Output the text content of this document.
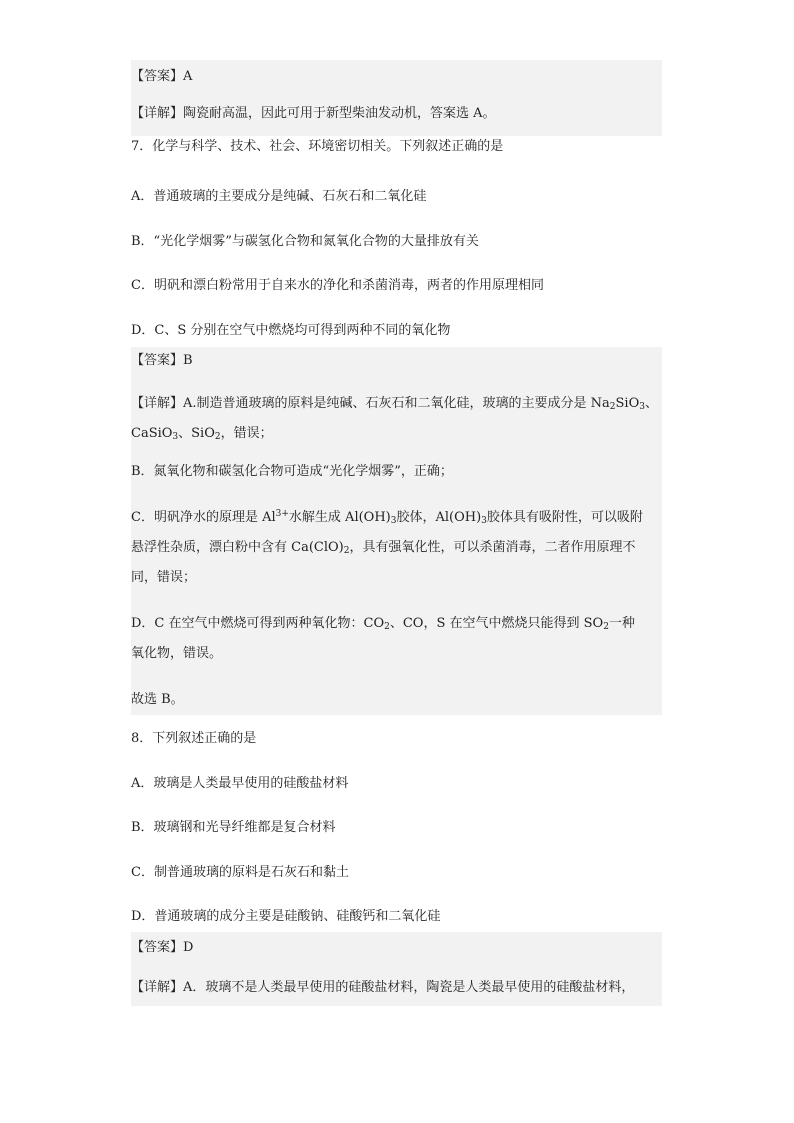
【答案】A
【详解】陶瓷耐高温，因此可用于新型柴油发动机，答案选 A。
7．化学与科学、技术、社会、环境密切相关。下列叙述正确的是
A．普通玻璃的主要成分是纯碱、石灰石和二氧化硅
B．“光化学烟雾”与碳氢化合物和氮氧化合物的大量排放有关
C．明矾和漂白粉常用于自来水的净化和杀菌消毒，两者的作用原理相同
D．C、S 分别在空气中燃烧均可得到两种不同的氧化物
【答案】B
【详解】A.制造普通玻璃的原料是纯碱、石灰石和二氧化硅，玻璃的主要成分是 $Na_2SiO_3$、
CaSiO$_3$、SiO$_2$，错误；
B．氮氧化物和碳氢化合物可造成“光化学烟雾”，正确；
C．明矾净水的原理是 $Al^{3+}$水解生成 $Al(OH)_3$胶体，$Al(OH)_3$胶体具有吸附性，可以吸附
悬浮性杂质，漂白粉中含有 $Ca(ClO)_2$，具有强氧化性，可以杀菌消毒，二者作用原理不
同，错误；
D．C 在空气中燃烧可得到两种氧化物：$CO_2$、CO，S 在空气中燃烧只能得到 $SO_2$一种
氧化物，错误。
故选 B。
8．下列叙述正确的是
A．玻璃是人类最早使用的硅酸盐材料
B．玻璃钢和光导纤维都是复合材料
C．制普通玻璃的原料是石灰石和黏土
D．普通玻璃的成分主要是硅酸钠、硅酸钙和二氧化硅
【答案】D
【详解】A．玻璃不是人类最早使用的硅酸盐材料，陶瓷是人类最早使用的硅酸盐材料，
